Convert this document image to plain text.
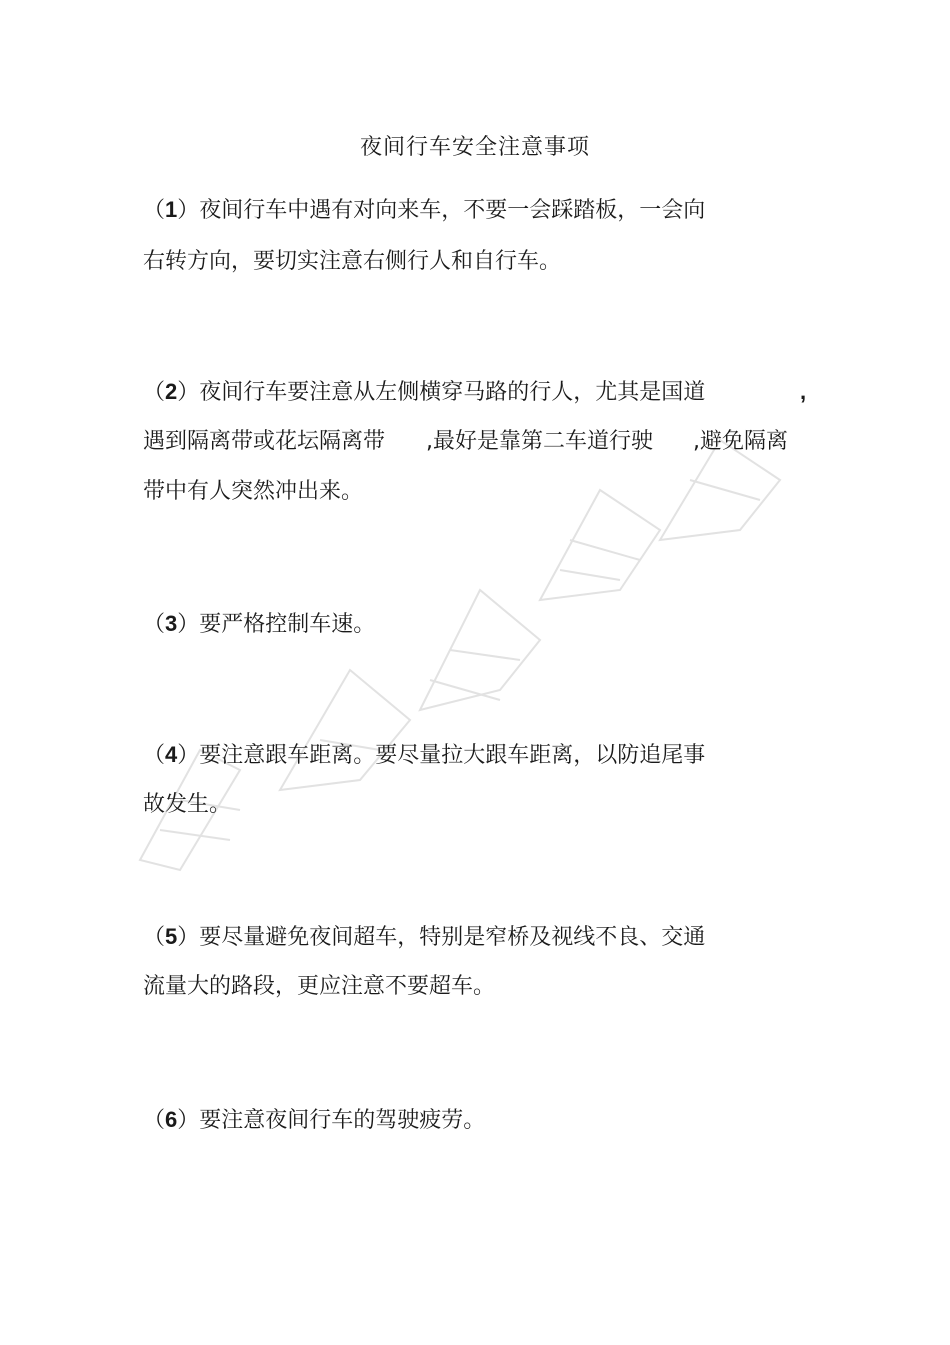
夜间行车安全注意事项
（1）夜间行车中遇有对向来车，不要一会踩踏板，一会向
右转方向，要切实注意右侧行人和自行车。
（2）夜间行车要注意从左侧横穿马路的行人，尤其是国道	,
遇到隔离带或花坛隔离带 ,最好是靠第二车道行驶 ,避免隔离
带中有人突然冲出来。
（3）要严格控制车速。
（4）要注意跟车距离。要尽量拉大跟车距离，以防追尾事
故发生。
（5）要尽量避免夜间超车，特别是窄桥及视线不良、交通
流量大的路段，更应注意不要超车。
（6）要注意夜间行车的驾驶疲劳。
